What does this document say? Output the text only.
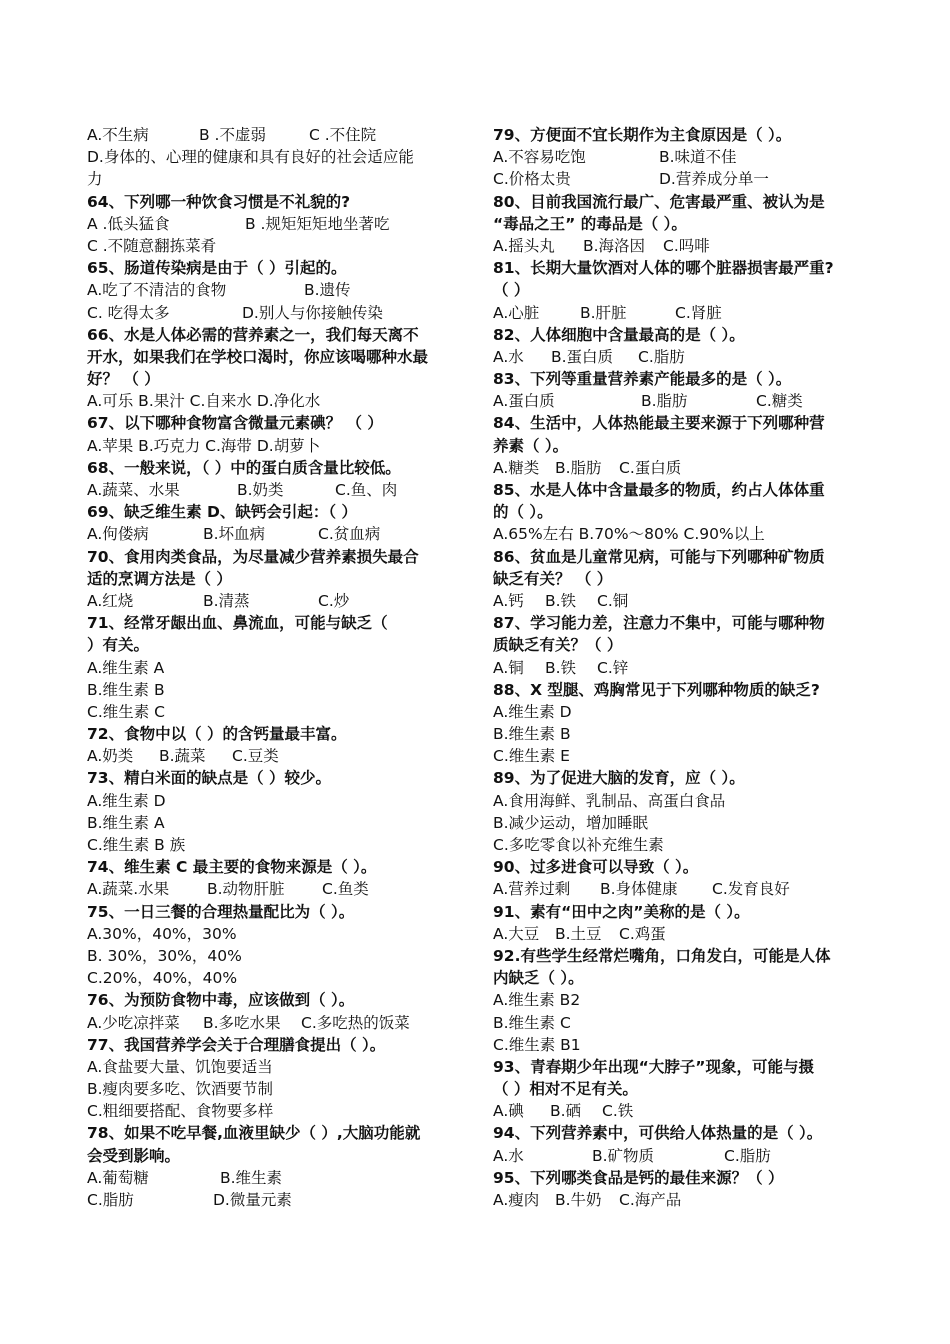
A.不生病	B .不虚弱	C .不住院
D.身体的、心理的健康和具有良好的社会适应能
力
64、下列哪一种饮食习惯是不礼貌的?
A .低头猛食	B .规矩矩矩地坐著吃
C .不随意翻拣菜肴
65、肠道传染病是由于（ ）引起的。
A.吃了不清洁的食物	B.遗传
C. 吃得太多	D.别人与你接触传染
66、水是人体必需的营养素之一，我们每天离不
开水，如果我们在学校口渴时，你应该喝哪种水最
好？ （ ）
A.可乐 B.果汁 C.自来水 D.净化水
67、以下哪种食物富含微量元素碘？ （ ）
A.苹果 B.巧克力 C.海带 D.胡萝卜
68、一般来说，（ ）中的蛋白质含量比较低。
A.蔬菜、水果	B.奶类	C.鱼、肉
69、缺乏维生素 D、缺钙会引起：（ ）
A.佝偻病	B.坏血病	C.贫血病
70、食用肉类食品，为尽量减少营养素损失最合
适的烹调方法是（ ）
A.红烧	B.清蒸	C.炒
71、经常牙龈出血、鼻流血，可能与缺乏（
）有关。
A.维生素 A
B.维生素 B
C.维生素 C
72、食物中以（ ）的含钙量最丰富。
A.奶类 B.蔬菜 C.豆类
73、精白米面的缺点是（ ）较少。
A.维生素 D
B.维生素 A
C.维生素 B 族
74、维生素 C 最主要的食物来源是（ ）。
A.蔬菜.水果 B.动物肝脏 C.鱼类
75、一日三餐的合理热量配比为（ ）。
A.30%，40%，30%
B. 30%，30%，40%
C.20%，40%，40%
76、为预防食物中毒，应该做到（ ）。
A.少吃凉拌菜 B.多吃水果 C.多吃热的饭菜
77、我国营养学会关于合理膳食提出（ ）。
A.食盐要大量、饥饱要适当
B.瘦肉要多吃、饮酒要节制
C.粗细要搭配、食物要多样
78、如果不吃早餐,血液里缺少（ ）,大脑功能就
会受到影响。
A.葡萄糖	B.维生素
C.脂肪	D.微量元素
79、方便面不宜长期作为主食原因是（ ）。
A.不容易吃饱	B.味道不佳
C.价格太贵	D.营养成分单一
80、目前我国流行最广、危害最严重、被认为是
“毒品之王” 的毒品是（ ）。
A.摇头丸 B.海洛因 C.吗啡
81、长期大量饮酒对人体的哪个脏器损害最严重?
（ ）
A.心脏	B.肝脏	C.肾脏
82、人体细胞中含量最高的是（ ）。
A.水 B.蛋白质 C.脂肪
83、下列等重量营养素产能最多的是（ ）。
A.蛋白质	B.脂肪	C.糖类
84、生活中，人体热能最主要来源于下列哪种营
养素（ ）。
A.糖类 B.脂肪 C.蛋白质
85、水是人体中含量最多的物质，约占人体体重
的（ ）。
A.65%左右 B.70%～80% C.90%以上
86、贫血是儿童常见病，可能与下列哪种矿物质
缺乏有关？ （ ）
A.钙 B.铁 C.铜
87、学习能力差，注意力不集中，可能与哪种物
质缺乏有关？（ ）
A.铜 B.铁 C.锌
88、X 型腿、鸡胸常见于下列哪种物质的缺乏?
A.维生素 D
B.维生素 B
C.维生素 E
89、为了促进大脑的发育，应（ ）。
A.食用海鲜、乳制品、高蛋白食品
B.减少运动，增加睡眠
C.多吃零食以补充维生素
90、过多进食可以导致（ ）。
A.营养过剩 B.身体健康 C.发育良好
91、素有“田中之肉”美称的是（ ）。
A.大豆 B.土豆 C.鸡蛋
92.有些学生经常烂嘴角，口角发白，可能是人体
内缺乏（ ）。
A.维生素 B2
B.维生素 C
C.维生素 B1
93、青春期少年出现“大脖子”现象，可能与摄
（ ）相对不足有关。
A.碘 B.硒 C.铁
94、下列营养素中，可供给人体热量的是（ ）。
A.水	B.矿物质	C.脂肪
95、下列哪类食品是钙的最佳来源？（ ）
A.瘦肉 B.牛奶 C.海产品
